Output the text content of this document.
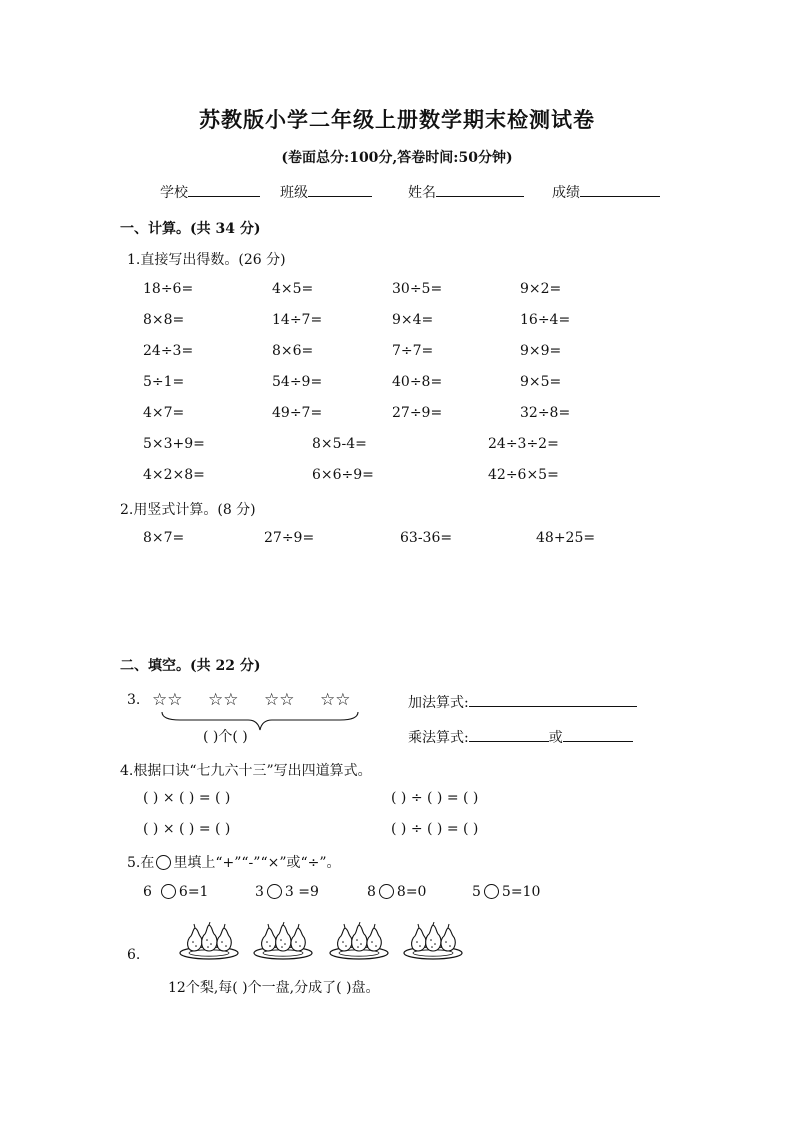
苏教版小学二年级上册数学期末检测试卷
(卷面总分:100分,答卷时间:50分钟)
学校	班级	姓名	成绩
一、计算。(共 34 分)
1.直接写出得数。(26 分)
18÷6=	4×5=	30÷5=	9×2=
8×8=	14÷7=	9×4=	16÷4=
24÷3=	8×6=	7÷7=	9×9=
5÷1=	54÷9=	40÷8=	9×5=
4×7=	49÷7=	27÷9=	32÷8=
5×3+9=	8×5-4=	24÷3÷2=
4×2×8=	6×6÷9=	42÷6×5=
2.用竖式计算。(8 分)
8×7=	27÷9=	63-36=	48+25=
二、填空。(共 22 分)
3. ☆☆ ☆☆ ☆☆ ☆☆
( )个( )
加法算式:
乘法算式:	或
4.根据口诀“七九六十三”写出四道算式。
( ) × ( ) = ( )	( ) ÷ ( ) = ( )
( ) × ( ) = ( )	( ) ÷ ( ) = ( )
5.在 里填上“+”“-”“×”或“÷”。
6 6=1	3 3 =9	8 8=0	5 5=10
6.
12个梨,每( )个一盘,分成了( )盘。
